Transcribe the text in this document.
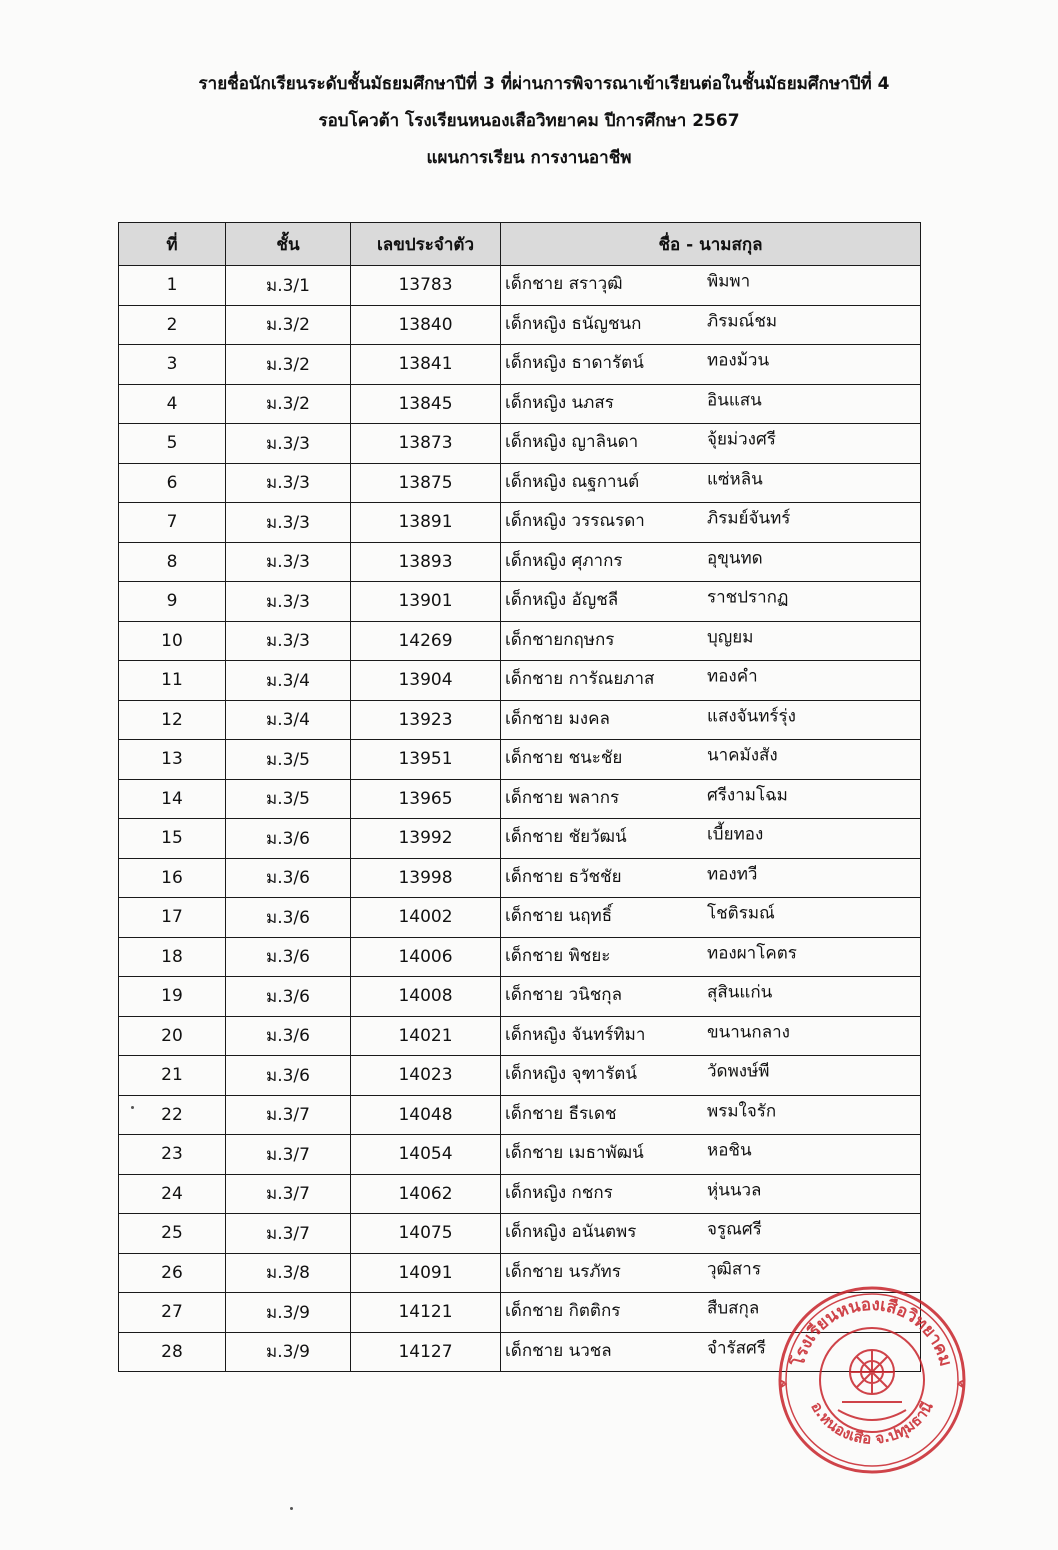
รายชื่อนักเรียนระดับชั้นมัธยมศึกษาปีที่ 3 ที่ผ่านการพิจารณาเข้าเรียนต่อในชั้นมัธยมศึกษาปีที่ 4
รอบโควต้า โรงเรียนหนองเสือวิทยาคม ปีการศึกษา 2567
แผนการเรียน การงานอาชีพ
ที่	ชั้น	เลขประจำตัว	ชื่อ - นามสกุล
1	ม.3/1	13783	เด็กชาย สราวุฒิ พิมพา

2	ม.3/2	13840	เด็กหญิง ธนัญชนก ภิรมณ์ชม

3	ม.3/2	13841	เด็กหญิง ธาดารัตน์ ทองม้วน

4	ม.3/2	13845	เด็กหญิง นภสร อินแสน

5	ม.3/3	13873	เด็กหญิง ญาลินดา จุ้ยม่วงศรี

6	ม.3/3	13875	เด็กหญิง ณฐกานต์ แซ่หลิน

7	ม.3/3	13891	เด็กหญิง วรรณรดา ภิรมย์จันทร์

8	ม.3/3	13893	เด็กหญิง ศุภากร อุขุนทด

9	ม.3/3	13901	เด็กหญิง อัญชลี ราชปรากฏ

10	ม.3/3	14269	เด็กชายกฤษกร บุญยม

11	ม.3/4	13904	เด็กชาย การัณยภาส ทองคำ

12	ม.3/4	13923	เด็กชาย มงคล แสงจันทร์รุ่ง

13	ม.3/5	13951	เด็กชาย ชนะชัย นาคมังสัง

14	ม.3/5	13965	เด็กชาย พลากร ศรีงามโฉม

15	ม.3/6	13992	เด็กชาย ชัยวัฒน์ เบี้ยทอง

16	ม.3/6	13998	เด็กชาย ธวัชชัย ทองทวี

17	ม.3/6	14002	เด็กชาย นฤทธิ์ โชติรมณ์

18	ม.3/6	14006	เด็กชาย พิชยะ ทองผาโคตร

19	ม.3/6	14008	เด็กชาย วนิชกุล สุสินแก่น

20	ม.3/6	14021	เด็กหญิง จันทร์ทิมา ขนานกลาง

21	ม.3/6	14023	เด็กหญิง จุฑารัตน์ วัดพงษ์พี

22	ม.3/7	14048	เด็กชาย ธีรเดช พรมใจรัก

23	ม.3/7	14054	เด็กชาย เมธาพัฒน์ หอชิน

24	ม.3/7	14062	เด็กหญิง กชกร หุ่นนวล

25	ม.3/7	14075	เด็กหญิง อนันตพร จรูณศรี

26	ม.3/8	14091	เด็กชาย นรภัทร วุฒิสาร

27	ม.3/9	14121	เด็กชาย กิตติกร สืบสกุล

28	ม.3/9	14127	เด็กชาย นวชล จำรัสศรี
โรงเรียนหนองเสือวิทยาคม
อ.หนองเสือ จ.ปทุมธานี
